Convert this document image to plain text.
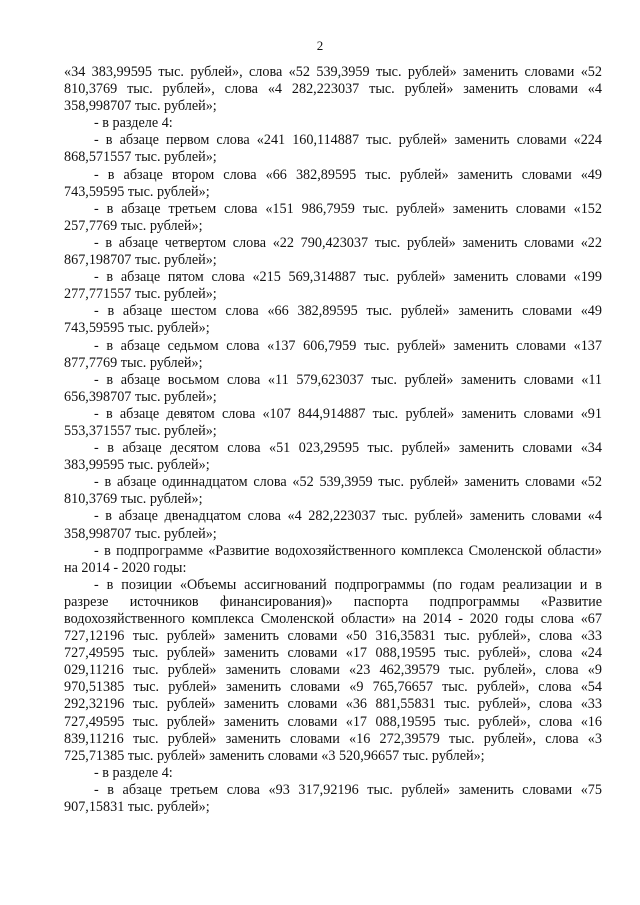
2

«34 383,99595 тыс. рублей», слова «52 539,3959 тыс. рублей» заменить словами «52 810,3769 тыс. рублей», слова «4 282,223037 тыс. рублей» заменить словами «4 358,998707 тыс. рублей»;

- в разделе 4:

- в абзаце первом слова «241 160,114887 тыс. рублей» заменить словами «224 868,571557 тыс. рублей»;

- в абзаце втором слова «66 382,89595 тыс. рублей» заменить словами «49 743,59595 тыс. рублей»;

- в абзаце третьем слова «151 986,7959 тыс. рублей» заменить словами «152 257,7769 тыс. рублей»;

- в абзаце четвертом слова «22 790,423037 тыс. рублей» заменить словами «22 867,198707 тыс. рублей»;

- в абзаце пятом слова «215 569,314887 тыс. рублей» заменить словами «199 277,771557 тыс. рублей»;

- в абзаце шестом слова «66 382,89595 тыс. рублей» заменить словами «49 743,59595 тыс. рублей»;

- в абзаце седьмом слова «137 606,7959 тыс. рублей» заменить словами «137 877,7769 тыс. рублей»;

- в абзаце восьмом слова «11 579,623037 тыс. рублей» заменить словами «11 656,398707 тыс. рублей»;

- в абзаце девятом слова «107 844,914887 тыс. рублей» заменить словами «91 553,371557 тыс. рублей»;

- в абзаце десятом слова «51 023,29595 тыс. рублей» заменить словами «34 383,99595 тыс. рублей»;

- в абзаце одиннадцатом слова «52 539,3959 тыс. рублей» заменить словами «52 810,3769 тыс. рублей»;

- в абзаце двенадцатом слова «4 282,223037 тыс. рублей» заменить словами «4 358,998707 тыс. рублей»;

- в подпрограмме «Развитие водохозяйственного комплекса Смоленской области» на 2014 - 2020 годы:

- в позиции «Объемы ассигнований подпрограммы (по годам реализации и в разрезе источников финансирования)» паспорта подпрограммы «Развитие водохозяйственного комплекса Смоленской области» на 2014 - 2020 годы слова «67 727,12196 тыс. рублей» заменить словами «50 316,35831 тыс. рублей», слова «33 727,49595 тыс. рублей» заменить словами «17 088,19595 тыс. рублей», слова «24 029,11216 тыс. рублей» заменить словами «23 462,39579 тыс. рублей», слова «9 970,51385 тыс. рублей» заменить словами «9 765,76657 тыс. рублей», слова «54 292,32196 тыс. рублей» заменить словами «36 881,55831 тыс. рублей», слова «33 727,49595 тыс. рублей» заменить словами «17 088,19595 тыс. рублей», слова «16 839,11216 тыс. рублей» заменить словами «16 272,39579 тыс. рублей», слова «3 725,71385 тыс. рублей» заменить словами «3 520,96657 тыс. рублей»;

- в разделе 4:

- в абзаце третьем слова «93 317,92196 тыс. рублей» заменить словами «75 907,15831 тыс. рублей»;
